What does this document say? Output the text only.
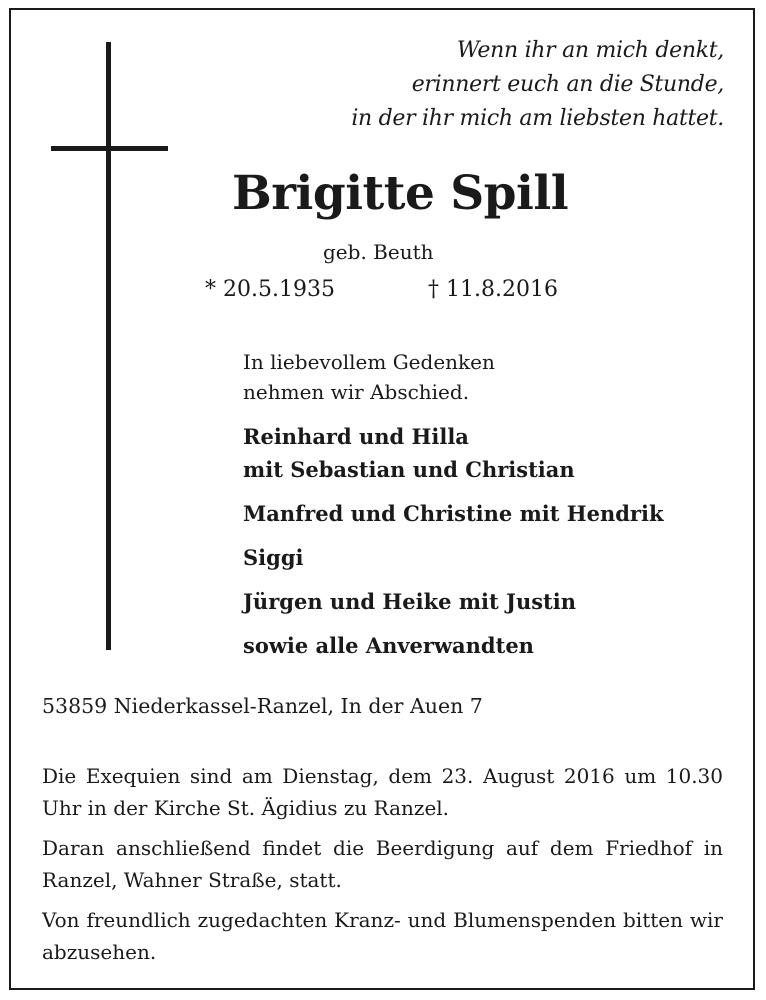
Wenn ihr an mich denkt,
erinnert euch an die Stunde,
in der ihr mich am liebsten hattet.
Brigitte Spill
geb. Beuth
* 20.5.1935	† 11.8.2016
In liebevollem Gedenken
nehmen wir Abschied.
Reinhard und Hilla
mit Sebastian und Christian
Manfred und Christine mit Hendrik
Siggi
Jürgen und Heike mit Justin
sowie alle Anverwandten
53859 Niederkassel-Ranzel, In der Auen 7

Die Exequien sind am Dienstag, dem 23. August 2016 um 10.30 Uhr in der Kirche St. Ägidius zu Ranzel.

Daran anschließend findet die Beerdigung auf dem Friedhof in Ranzel, Wahner Straße, statt.

Von freundlich zugedachten Kranz- und Blumenspenden bitten wir abzusehen.
